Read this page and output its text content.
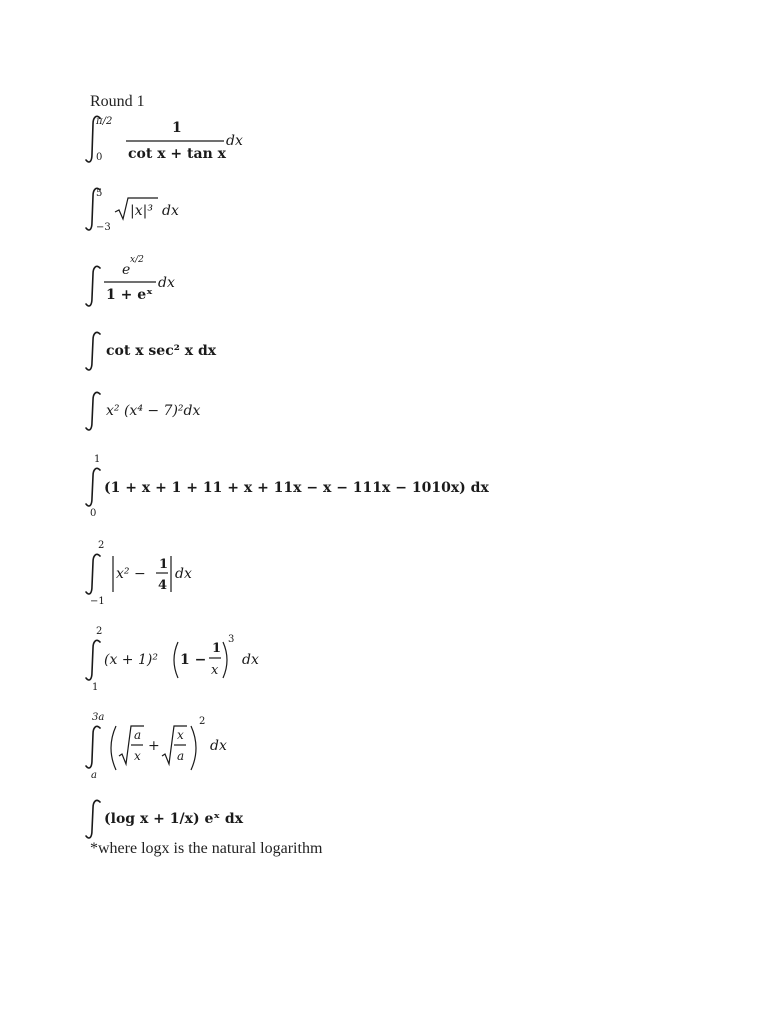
Round 1
π/2
0
1
cot x + tan x
dx
5
−3
|x|³ dx
x/2
e
1 + eˣ
dx
cot x sec² x dx
x² (x⁴ − 7)²dx
1
0
(1 + x + 1 + 11 + x + 11x − x − 111x − 1010x) dx
2
−1
x² −
1
4
dx
2
1
(x + 1)² 1 −
1
x
3
dx
3a
a
a
x
+
x
a
2
dx
(log x + 1/x) eˣ dx
*where logx is the natural logarithm
